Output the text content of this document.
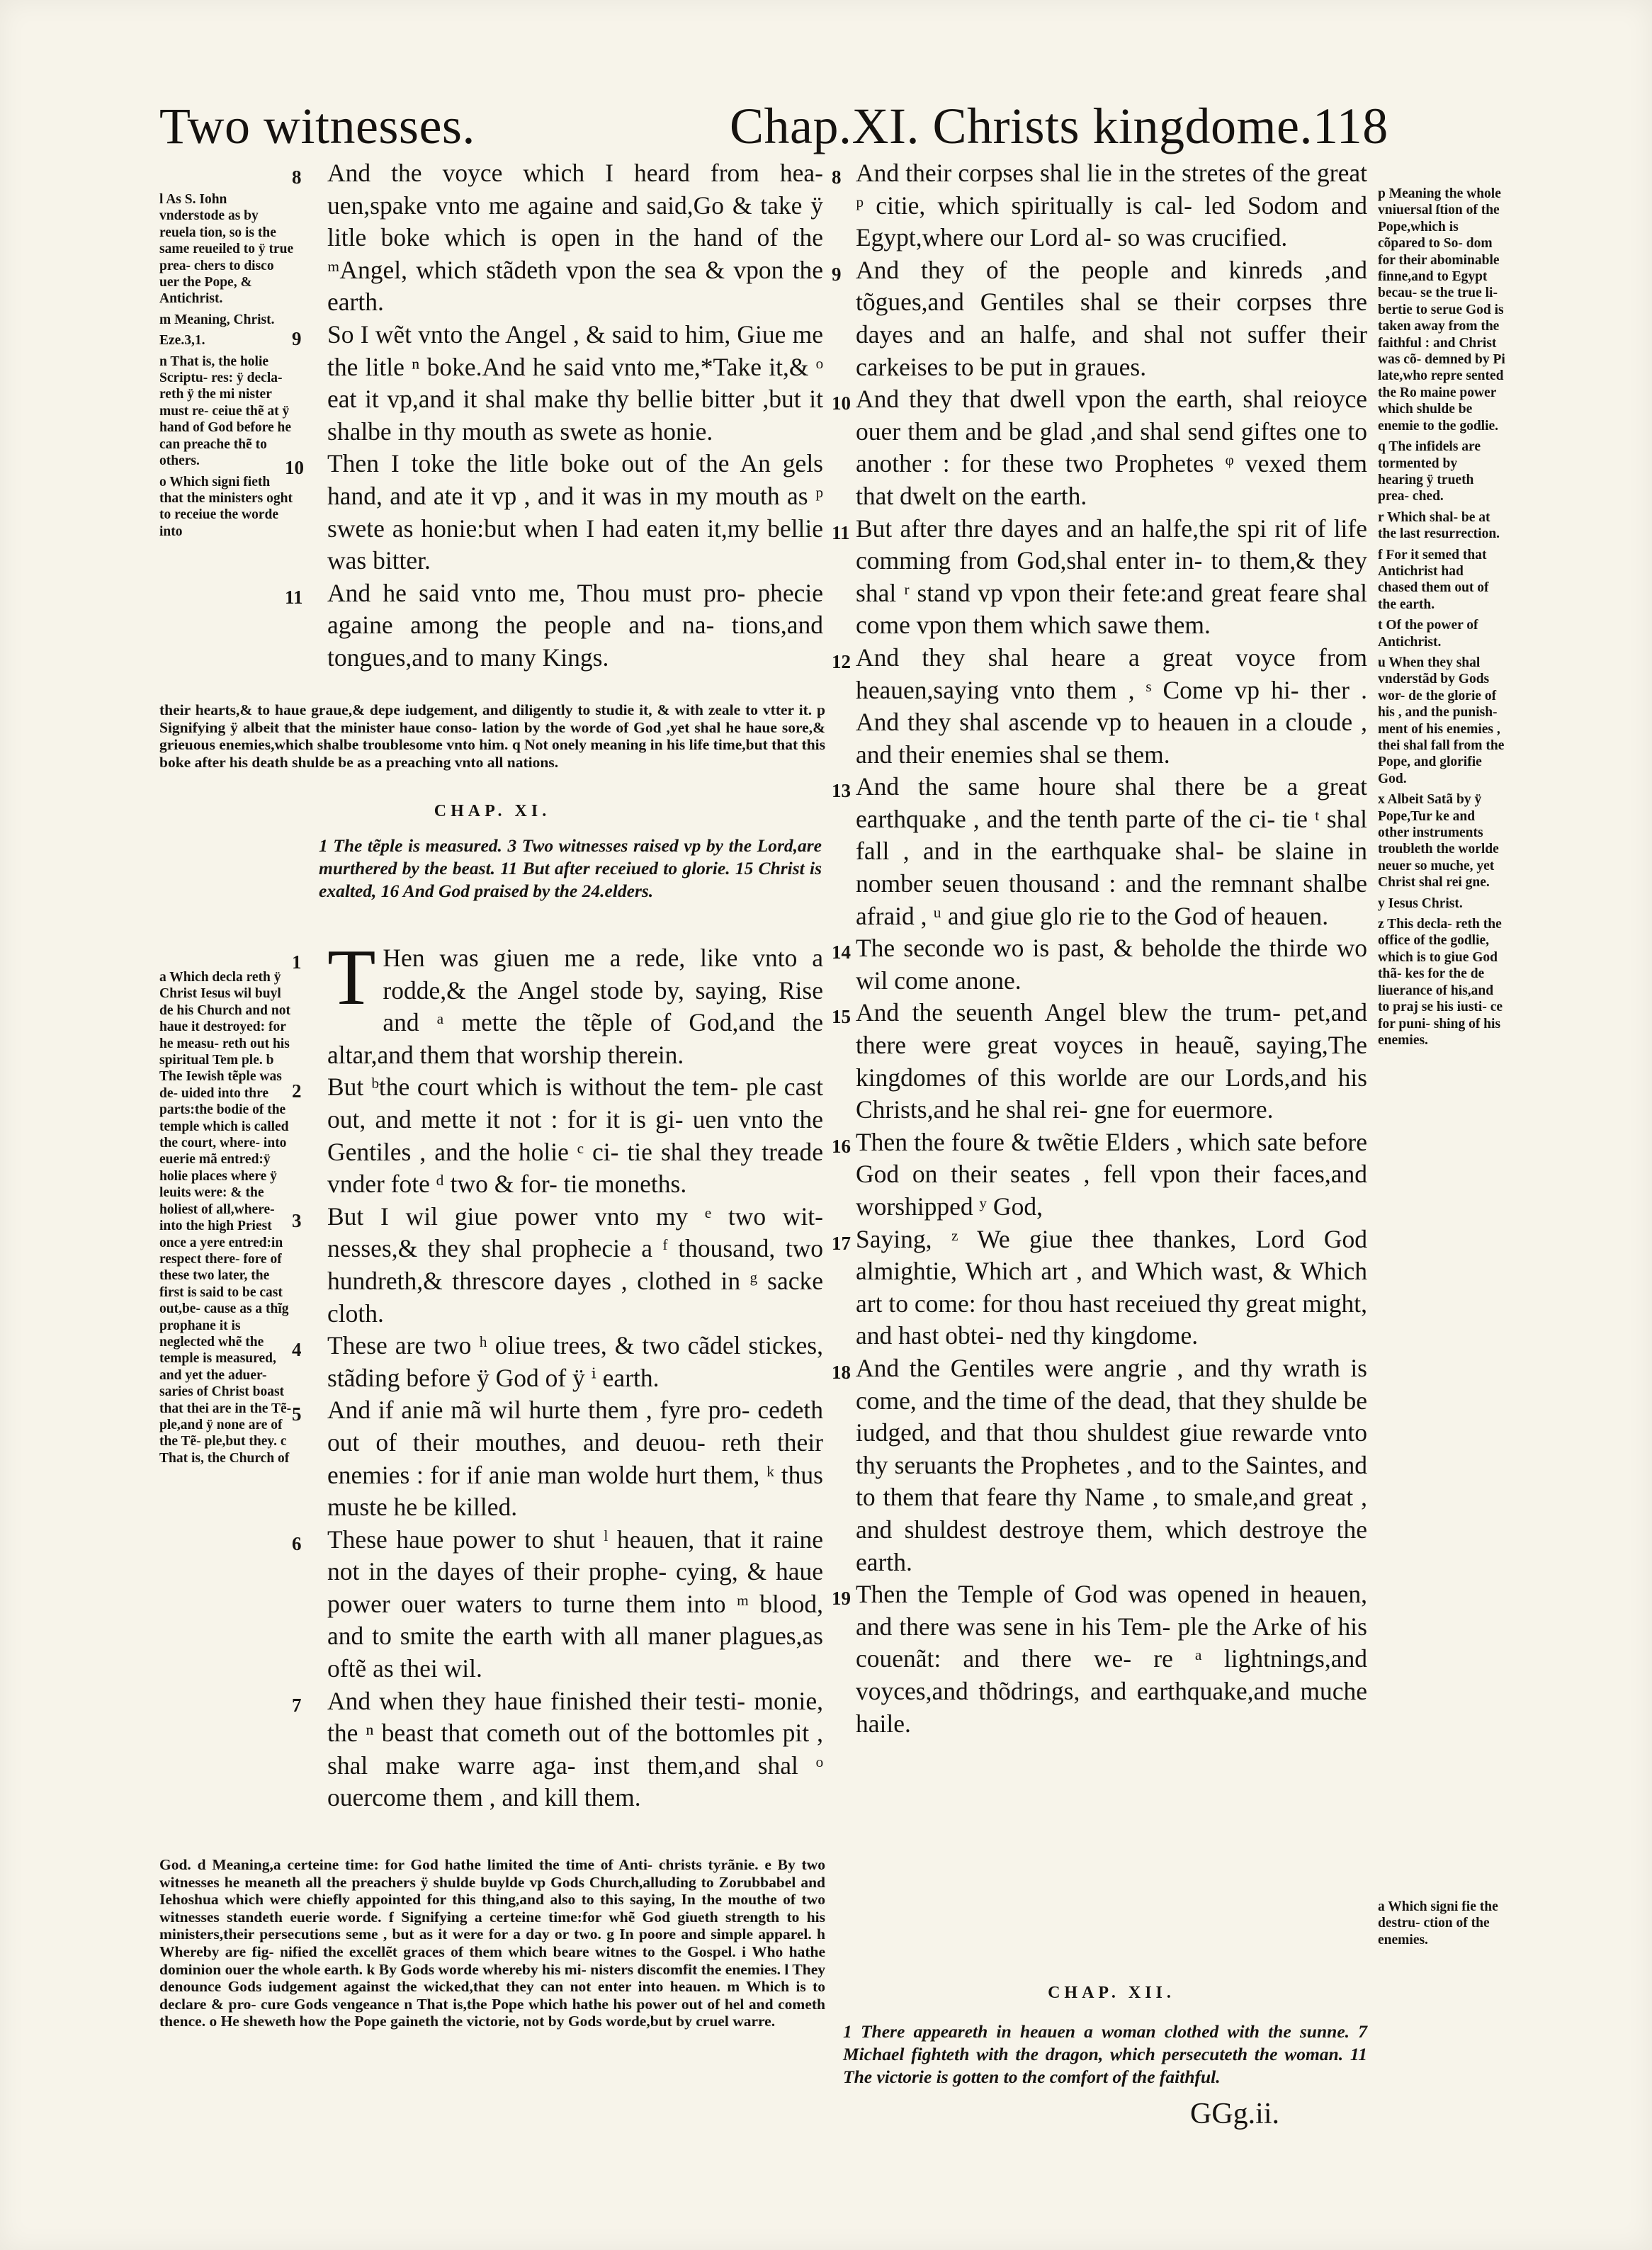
Two witnesses.	Chap.XI. Christs kingdome.118

l As S. Iohn vnderstode as by reuela tion, so is the same reueiled to ÿ true prea- chers to disco uer the Pope, & Antichrist.

m Meaning, Christ.

Eze.3,1.

n That is, the holie Scriptu- res: ÿ decla- reth ÿ the mi nister must re- ceiue thẽ at ÿ hand of God before he can preache thẽ to others.

o Which signi fieth that the ministers oght to receiue the worde into

8 And the voyce which I heard from hea- uen,spake vnto me againe and said,Go & take ÿ litle boke which is open in the hand of the ᵐAngel, which stãdeth vpon the sea & vpon the earth.

9 So I wẽt vnto the Angel , & said to him, Giue me the litle ⁿ boke.And he said vnto me,*Take it,& ᵒ eat it vp,and it shal make thy bellie bitter ,but it shalbe in thy mouth as swete as honie.

10 Then I toke the litle boke out of the An gels hand, and ate it vp , and it was in my mouth as ᵖ swete as honie:but when I had eaten it,my bellie was bitter.

11 And he said vnto me, Thou must pro- phecie againe among the people and na- tions,and tongues,and to many Kings.

their hearts,& to haue graue,& depe iudgement, and diligently to studie it, & with zeale to vtter it. p Signifying ÿ albeit that the minister haue conso- lation by the worde of God ,yet shal he haue sore,& grieuous enemies,which shalbe troublesome vnto him. q Not onely meaning in his life time,but that this boke after his death shulde be as a preaching vnto all nations.

CHAP. XI.

1 The tẽple is measured. 3 Two witnesses raised vp by the Lord,are murthered by the beast. 11 But after receiued to glorie. 15 Christ is exalted, 16 And God praised by the 24.elders.

a Which decla reth ÿ Christ Iesus wil buyl de his Church and not haue it destroyed: for he measu- reth out his spiritual Tem ple. b The Iewish tẽple was de- uided into thre parts:the bodie of the temple which is called the court, where- into euerie mã entred:ÿ holie places where ÿ leuits were: & the holiest of all,where- into the high Priest once a yere entred:in respect there- fore of these two later, the first is said to be cast out,be- cause as a thĩg prophane it is neglected whẽ the temple is measured, and yet the aduer- saries of Christ boast that thei are in the Tẽ- ple,and ÿ none are of the Tẽ- ple,but they. c That is, the Church of

1 T Hen was giuen me a rede, like vnto a rodde,& the Angel stode by, saying, Rise and ᵃ mette the tẽple of God,and the altar,and them that worship therein.

2 But ᵇthe court which is without the tem- ple cast out, and mette it not : for it is gi- uen vnto the Gentiles , and the holie ᶜ ci- tie shal they treade vnder fote ᵈ two & for- tie moneths.

3 But I wil giue power vnto my ᵉ two wit- nesses,& they shal prophecie a ᶠ thousand, two hundreth,& threscore dayes , clothed in ᵍ sacke cloth.

4 These are two ʰ oliue trees, & two cãdel stickes, stãding before ÿ God of ÿ ⁱ earth.

5 And if anie mã wil hurte them , fyre pro- cedeth out of their mouthes, and deuou- reth their enemies : for if anie man wolde hurt them, ᵏ thus muste he be killed.

6 These haue power to shut ˡ heauen, that it raine not in the dayes of their prophe- cying, & haue power ouer waters to turne them into ᵐ blood, and to smite the earth with all maner plagues,as oftẽ as thei wil.

7 And when they haue finished their testi- monie, the ⁿ beast that cometh out of the bottomles pit , shal make warre aga- inst them,and shal ᵒ ouercome them , and kill them.

God. d Meaning,a certeine time: for God hathe limited the time of Anti- christs tyrãnie. e By two witnesses he meaneth all the preachers ÿ shulde buylde vp Gods Church,alluding to Zorubbabel and Iehoshua which were chiefly appointed for this thing,and also to this saying, In the mouthe of two witnesses standeth euerie worde. f Signifying a certeine time:for whẽ God giueth strength to his ministers,their persecutions seme , but as it were for a day or two. g In poore and simple apparel. h Whereby are fig- nified the excellẽt graces of them which beare witnes to the Gospel. i Who hathe dominion ouer the whole earth. k By Gods worde whereby his mi- nisters discomfit the enemies. l They denounce Gods iudgement against the wicked,that they can not enter into heauen. m Which is to declare & pro- cure Gods vengeance n That is,the Pope which hathe his power out of hel and cometh thence. o He sheweth how the Pope gaineth the victorie, not by Gods worde,but by cruel warre.

8 And their corpses shal lie in the stretes of the great ᵖ citie, which spiritually is cal- led Sodom and Egypt,where our Lord al- so was crucified.

9 And they of the people and kinreds ,and tõgues,and Gentiles shal se their corpses thre dayes and an halfe, and shal not suffer their carkeises to be put in graues.

10 And they that dwell vpon the earth, shal reioyce ouer them and be glad ,and shal send giftes one to another : for these two Prophetes ᵠ vexed them that dwelt on the earth.

11 But after thre dayes and an halfe,the spi rit of life comming from God,shal enter in- to them,& they shal ʳ stand vp vpon their fete:and great feare shal come vpon them which sawe them.

12 And they shal heare a great voyce from heauen,saying vnto them , ˢ Come vp hi- ther . And they shal ascende vp to heauen in a cloude , and their enemies shal se them.

13 And the same houre shal there be a great earthquake , and the tenth parte of the ci- tie ᵗ shal fall , and in the earthquake shal- be slaine in nomber seuen thousand : and the remnant shalbe afraid , ᵘ and giue glo rie to the God of heauen.

14 The seconde wo is past, & beholde the thirde wo wil come anone.

15 And the seuenth Angel blew the trum- pet,and there were great voyces in heauẽ, saying,The kingdomes of this worlde are our Lords,and his Christs,and he shal rei- gne for euermore.

16 Then the foure & twẽtie Elders , which sate before God on their seates , fell vpon their faces,and worshipped ʸ God,

17 Saying, ᶻ We giue thee thankes, Lord God almightie, Which art , and Which wast, & Which art to come: for thou hast receiued thy great might, and hast obtei- ned thy kingdome.

18 And the Gentiles were angrie , and thy wrath is come, and the time of the dead, that they shulde be iudged, and that thou shuldest giue rewarde vnto thy seruants the Prophetes , and to the Saintes, and to them that feare thy Name , to smale,and great , and shuldest destroye them, which destroye the earth.

19 Then the Temple of God was opened in heauen, and there was sene in his Tem- ple the Arke of his couenãt: and there we- re ᵃ lightnings,and voyces,and thõdrings, and earthquake,and muche haile.

p Meaning the whole vniuersal ſtion of the Pope,which is cõpared to So- dom for their abominable finne,and to Egypt becau- se the true li- bertie to serue God is taken away from the faithful : and Christ was cõ- demned by Pi late,who repre sented the Ro maine power which shulde be enemie to the godlie.

q The infidels are tormented by hearing ÿ trueth prea- ched.

r Which shal- be at the last resurrection.

f For it semed that Antichrist had chased them out of the earth.

t Of the power of Antichrist.

u When they shal vnderstãd by Gods wor- de the glorie of his , and the punish- ment of his enemies , thei shal fall from the Pope, and glorifie God.

x Albeit Satã by ÿ Pope,Tur ke and other instruments troubleth the worlde neuer so muche, yet Christ shal rei gne.

y Iesus Christ.

z This decla- reth the office of the godlie, which is to giue God thã- kes for the de liuerance of his,and to praj se his iusti- ce for puni- shing of his enemies.

a Which signi fie the destru- ction of the enemies.

CHAP. XII.

1 There appeareth in heauen a woman clothed with the sunne. 7 Michael fighteth with the dragon, which persecuteth the woman. 11 The victorie is gotten to the comfort of the faithful.

GGg.ii.
